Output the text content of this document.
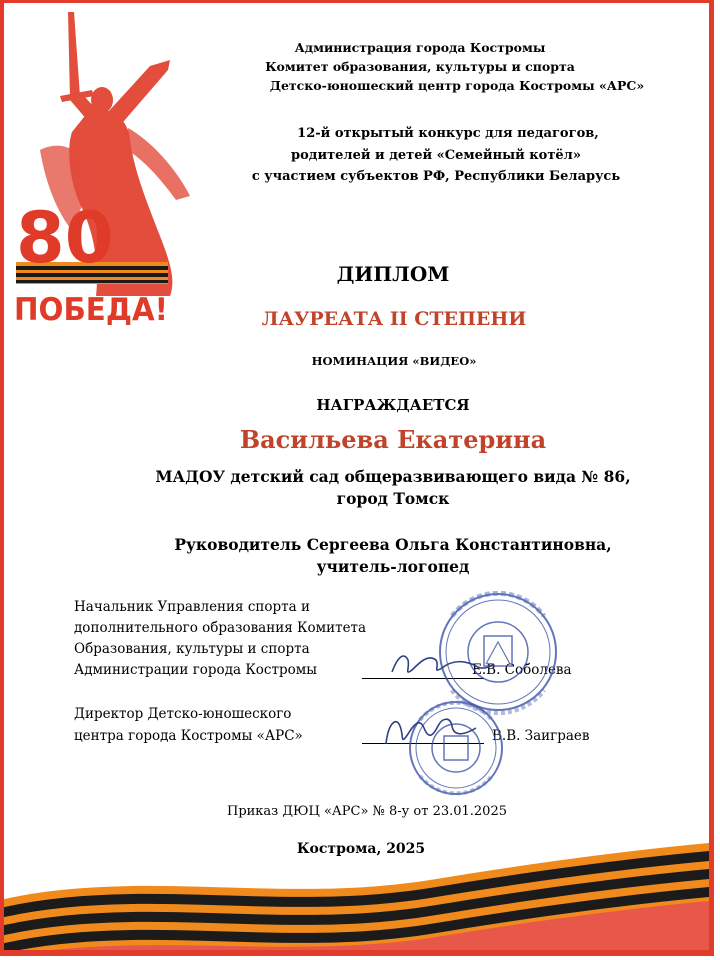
80
ПОБЕДА!
Администрация города Костромы
Комитет образования, культуры и спорта
Детско-юношеский центр города Костромы «АРС»
12-й открытый конкурс для педагогов,
родителей и детей «Семейный котёл»
с участием субъектов РФ, Республики Беларусь
ДИПЛОМ
ЛАУРЕАТА II СТЕПЕНИ
НОМИНАЦИЯ «ВИДЕО»
НАГРАЖДАЕТСЯ
Васильева Екатерина
МАДОУ детский сад общеразвивающего вида № 86,
город Томск
Руководитель Сергеева Ольга Константиновна,
учитель-логопед
Начальник Управления спорта и
дополнительного образования Комитета
Образования, культуры и спорта
Администрации города Костромы	Е.В. Соболева
Директор Детско-юношеского
центра города Костромы «АРС»	В.В. Заиграев
Приказ ДЮЦ «АРС» № 8-у от 23.01.2025
Кострома, 2025
